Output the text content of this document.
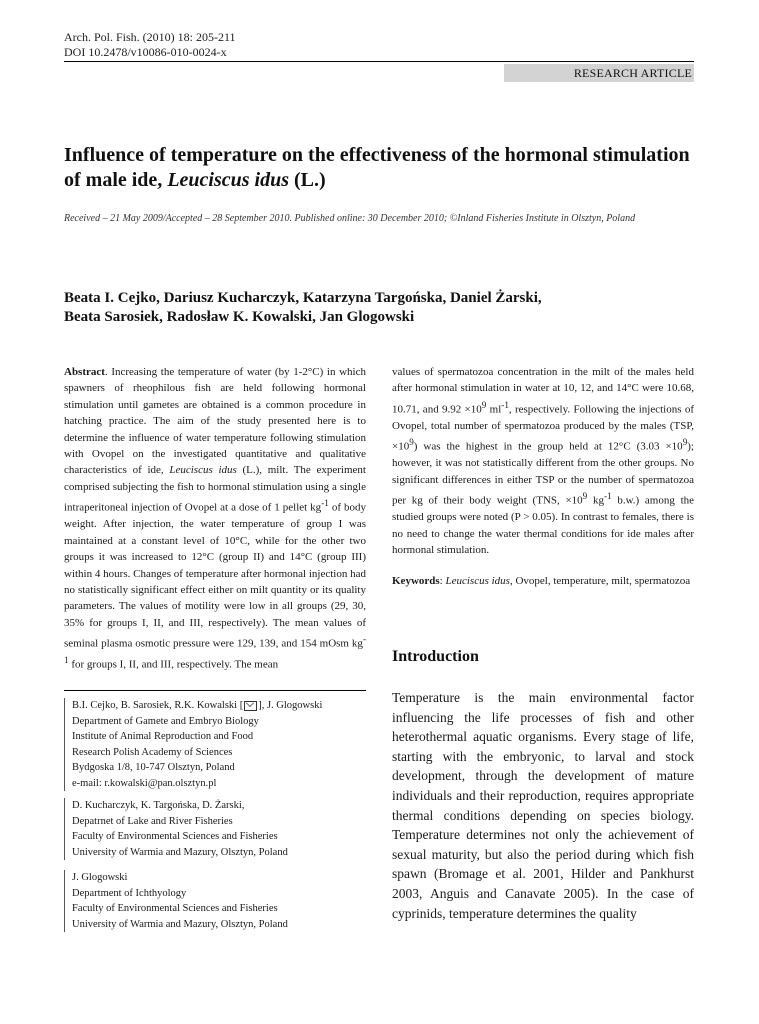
Arch. Pol. Fish. (2010) 18: 205-211
DOI 10.2478/v10086-010-0024-x
RESEARCH ARTICLE
Influence of temperature on the effectiveness of the hormonal stimulation of male ide, Leuciscus idus (L.)
Received – 21 May 2009/Accepted – 28 September 2010. Published online: 30 December 2010; ©Inland Fisheries Institute in Olsztyn, Poland
Beata I. Cejko, Dariusz Kucharczyk, Katarzyna Targońska, Daniel Żarski,
Beata Sarosiek, Radosław K. Kowalski, Jan Glogowski
Abstract. Increasing the temperature of water (by 1-2°C) in which spawners of rheophilous fish are held following hormonal stimulation until gametes are obtained is a common procedure in hatching practice. The aim of the study presented here is to determine the influence of water temperature following stimulation with Ovopel on the investigated quantitative and qualitative characteristics of ide, Leuciscus idus (L.), milt. The experiment comprised subjecting the fish to hormonal stimulation using a single intraperitoneal injection of Ovopel at a dose of 1 pellet $kg^{-1}$ of body weight. After injection, the water temperature of group I was maintained at a constant level of 10°C, while for the other two groups it was increased to 12°C (group II) and 14°C (group III) within 4 hours. Changes of temperature after hormonal injection had no statistically significant effect either on milt quantity or its quality parameters. The values of motility were low in all groups (29, 30, 35% for groups I, II, and III, respectively). The mean values of seminal plasma osmotic pressure were 129, 139, and 154 mOsm $kg^{-1}$ for groups I, II, and III, respectively. The mean
values of spermatozoa concentration in the milt of the males held after hormonal stimulation in water at 10, 12, and 14°C were 10.68, 10.71, and $9.92 \times 10^9$ $ml^{-1}$, respectively. Following the injections of Ovopel, total number of spermatozoa produced by the males (TSP, $\times 10^9$) was the highest in the group held at 12°C $(3.03 \times 10^9)$; however, it was not statistically different from the other groups. No significant differences in either TSP or the number of spermatozoa per kg of their body weight (TNS, $\times 10^9$ $kg^{-1}$ b.w.) among the studied groups were noted (P > 0.05). In contrast to females, there is no need to change the water thermal conditions for ide males after hormonal stimulation.
Keywords: Leuciscus idus, Ovopel, temperature, milt, spermatozoa
Introduction
Temperature is the main environmental factor influencing the life processes of fish and other heterothermal aquatic organisms. Every stage of life, starting with the embryonic, to larval and stock development, through the development of mature individuals and their reproduction, requires appropriate thermal conditions depending on species biology. Temperature determines not only the achievement of sexual maturity, but also the period during which fish spawn (Bromage et al. 2001, Hilder and Pankhurst 2003, Anguis and Canavate 2005). In the case of cyprinids, temperature determines the quality
B.I. Cejko, B. Sarosiek, R.K. Kowalski [ ], J. Glogowski
Department of Gamete and Embryo Biology
Institute of Animal Reproduction and Food
Research Polish Academy of Sciences
Bydgoska 1/8, 10-747 Olsztyn, Poland
e-mail: r.kowalski@pan.olsztyn.pl
D. Kucharczyk, K. Targońska, D. Żarski,
Depatrnet of Lake and River Fisheries
Faculty of Environmental Sciences and Fisheries
University of Warmia and Mazury, Olsztyn, Poland
J. Glogowski
Department of Ichthyology
Faculty of Environmental Sciences and Fisheries
University of Warmia and Mazury, Olsztyn, Poland
